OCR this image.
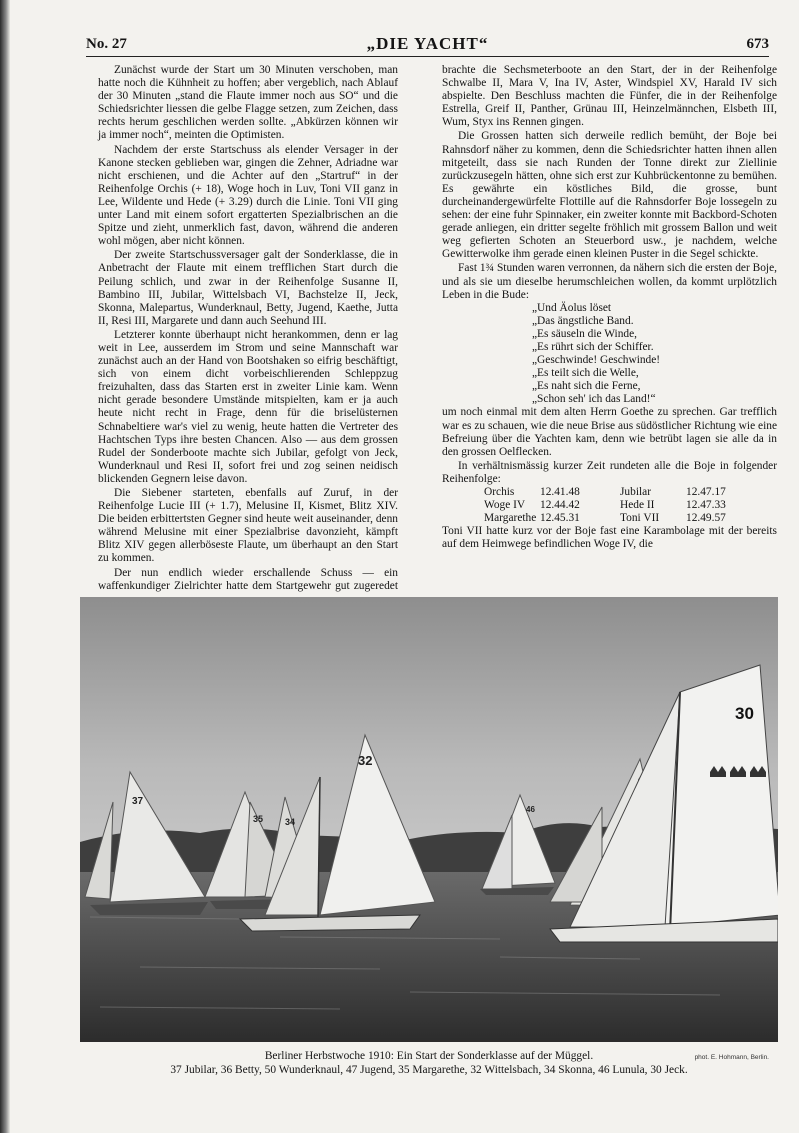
No. 27	„DIE YACHT“	673

Zunächst wurde der Start um 30 Minuten verschoben, man hatte noch die Kühnheit zu hoffen; aber vergeblich, nach Ablauf der 30 Minuten „stand die Flaute immer noch aus SO“ und die Schiedsrichter liessen die gelbe Flagge setzen, zum Zeichen, dass rechts herum geschlichen werden sollte. „Abkürzen können wir ja immer noch“, meinten die Optimisten.

Nachdem der erste Startschuss als elender Versager in der Kanone stecken geblieben war, gingen die Zehner, Adriadne war nicht erschienen, und die Achter auf den „Startruf“ in der Reihenfolge Orchis (+ 18), Woge hoch in Luv, Toni VII ganz in Lee, Wildente und Hede (+ 3.29) durch die Linie. Toni VII ging unter Land mit einem sofort ergatterten Spezialbrischen an die Spitze und zieht, unmerklich fast, davon, während die anderen wohl mögen, aber nicht können.

Der zweite Startschussversager galt der Sonderklasse, die in Anbetracht der Flaute mit einem trefflichen Start durch die Peilung schlich, und zwar in der Reihenfolge Susanne II, Bambino III, Jubilar, Wittelsbach VI, Bachstelze II, Jeck, Skonna, Malepartus, Wunderknaul, Betty, Jugend, Kaethe, Jutta II, Resi III, Margarete und dann auch Seehund III.

Letzterer konnte überhaupt nicht herankommen, denn er lag weit in Lee, ausserdem im Strom und seine Mannschaft war zunächst auch an der Hand von Bootshaken so eifrig beschäftigt, sich von einem dicht vorbeischlierenden Schleppzug freizuhalten, dass das Starten erst in zweiter Linie kam. Wenn nicht gerade besondere Umstände mitspielten, kam er ja auch heute nicht recht in Frage, denn für die briselüsternen Schnabeltiere war's viel zu wenig, heute hatten die Vertreter des Hachtschen Typs ihre besten Chancen. Also — aus dem grossen Rudel der Sonderboote machte sich Jubilar, gefolgt von Jeck, Wunderknaul und Resi II, sofort frei und zog seinen neidisch blickenden Gegnern leise davon.

Die Siebener starteten, ebenfalls auf Zuruf, in der Reihenfolge Lucie III (+ 1.7), Melusine II, Kismet, Blitz XIV. Die beiden erbittertsten Gegner sind heute weit auseinander, denn während Melusine mit einer Spezialbrise davonzieht, kämpft Blitz XIV gegen allerböseste Flaute, um überhaupt an den Start zu kommen.

Der nun endlich wieder erschallende Schuss — ein waffenkundiger Zielrichter hatte dem Startgewehr gut zugeredet

brachte die Sechsmeterboote an den Start, der in der Reihenfolge Schwalbe II, Mara V, Ina IV, Aster, Windspiel XV, Harald IV sich abspielte. Den Beschluss machten die Fünfer, die in der Reihenfolge Estrella, Greif II, Panther, Grünau III, Heinzelmännchen, Elsbeth III, Wum, Styx ins Rennen gingen.

Die Grossen hatten sich derweile redlich bemüht, der Boje bei Rahnsdorf näher zu kommen, denn die Schiedsrichter hatten ihnen allen mitgeteilt, dass sie nach Runden der Tonne direkt zur Ziellinie zurückzusegeln hätten, ohne sich erst zur Kuhbrückentonne zu bemühen. Es gewährte ein köstliches Bild, die grosse, bunt durcheinandergewürfelte Flottille auf die Rahnsdorfer Boje lossegeln zu sehen: der eine fuhr Spinnaker, ein zweiter konnte mit Backbord-Schoten gerade anliegen, ein dritter segelte fröhlich mit grossem Ballon und weit weg gefierten Schoten an Steuerbord usw., je nachdem, welche Gewitterwolke ihm gerade einen kleinen Puster in die Segel schickte.

Fast 1¾ Stunden waren verronnen, da nähern sich die ersten der Boje, und als sie um dieselbe herumschleichen wollen, da kommt urplötzlich Leben in die Bude:

„Und Äolus löset
„Das ängstliche Band.
„Es säuseln die Winde,
„Es rührt sich der Schiffer.
„Geschwinde! Geschwinde!
„Es teilt sich die Welle,
„Es naht sich die Ferne,
„Schon seh' ich das Land!“

um noch einmal mit dem alten Herrn Goethe zu sprechen. Gar trefflich war es zu schauen, wie die neue Brise aus südöstlicher Richtung wie eine Befreiung über die Yachten kam, denn wie betrübt lagen sie alle da in den grossen Oelflecken.

In verhältnismässig kurzer Zeit rundeten alle die Boje in folgender Reihenfolge:

Orchis	12.41.48	Jubilar	12.47.17
Woge IV	12.44.42	Hede II	12.47.33
Margarethe 12.45.31	Toni VII	12.49.57

Toni VII hatte kurz vor der Boje fast eine Karambolage mit der bereits auf dem Heimwege befindlichen Woge IV, die

37
35 34
32
46
30
Berliner Herbstwoche 1910: Ein Start der Sonderklasse auf der Müggel.
37 Jubilar, 36 Betty, 50 Wunderknaul, 47 Jugend, 35 Margarethe, 32 Wittelsbach, 34 Skonna, 46 Lunula, 30 Jeck.
phot. E. Hohmann, Berlin.
